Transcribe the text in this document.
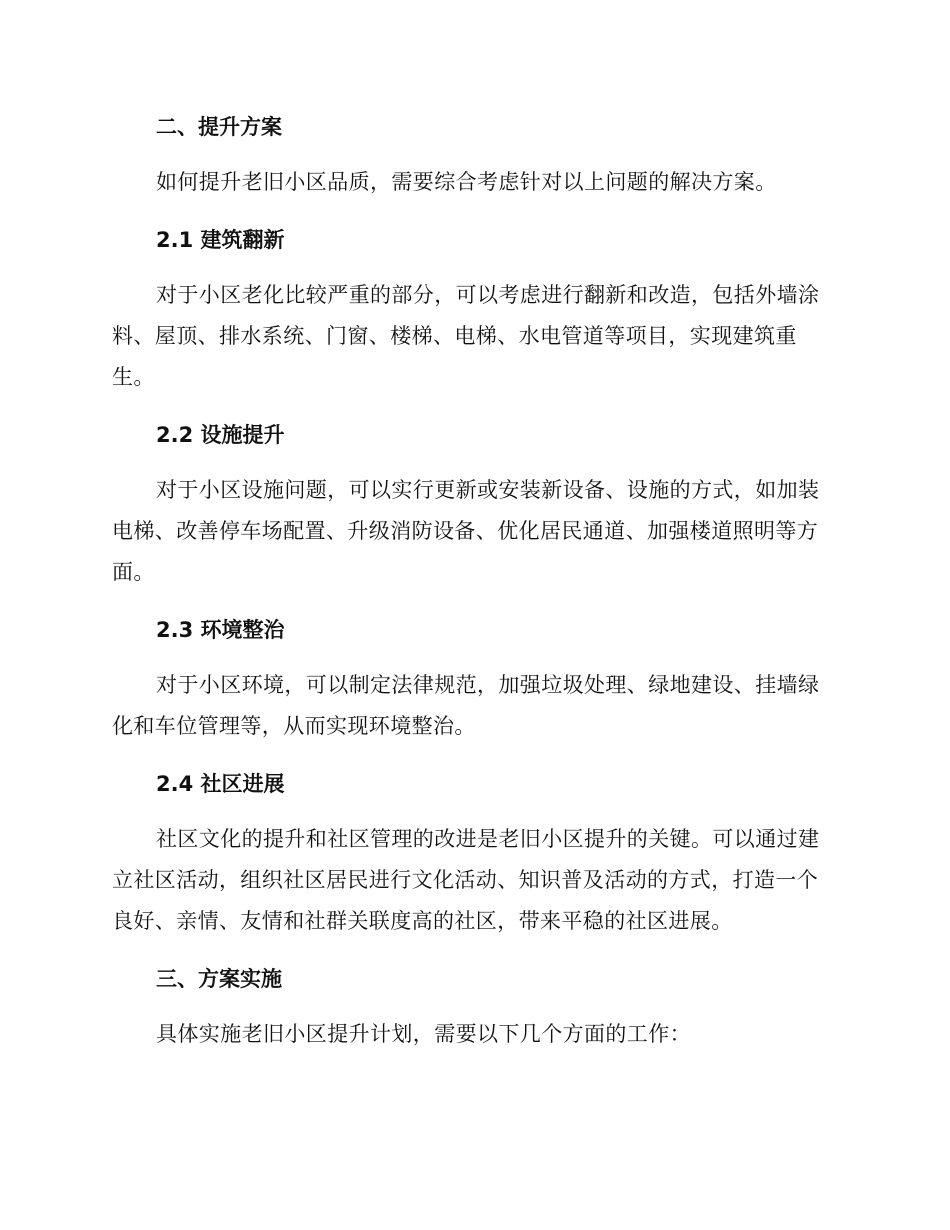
二、提升方案

如何提升老旧小区品质，需要综合考虑针对以上问题的解决方案。

2.1 建筑翻新

对于小区老化比较严重的部分，可以考虑进行翻新和改造，包括外墙涂料、屋顶、排水系统、门窗、楼梯、电梯、水电管道等项目，实现建筑重生。

2.2 设施提升

对于小区设施问题，可以实行更新或安装新设备、设施的方式，如加装电梯、改善停车场配置、升级消防设备、优化居民通道、加强楼道照明等方面。

2.3 环境整治

对于小区环境，可以制定法律规范，加强垃圾处理、绿地建设、挂墙绿化和车位管理等，从而实现环境整治。

2.4 社区进展

社区文化的提升和社区管理的改进是老旧小区提升的关键。可以通过建立社区活动，组织社区居民进行文化活动、知识普及活动的方式，打造一个良好、亲情、友情和社群关联度高的社区，带来平稳的社区进展。

三、方案实施

具体实施老旧小区提升计划，需要以下几个方面的工作：
